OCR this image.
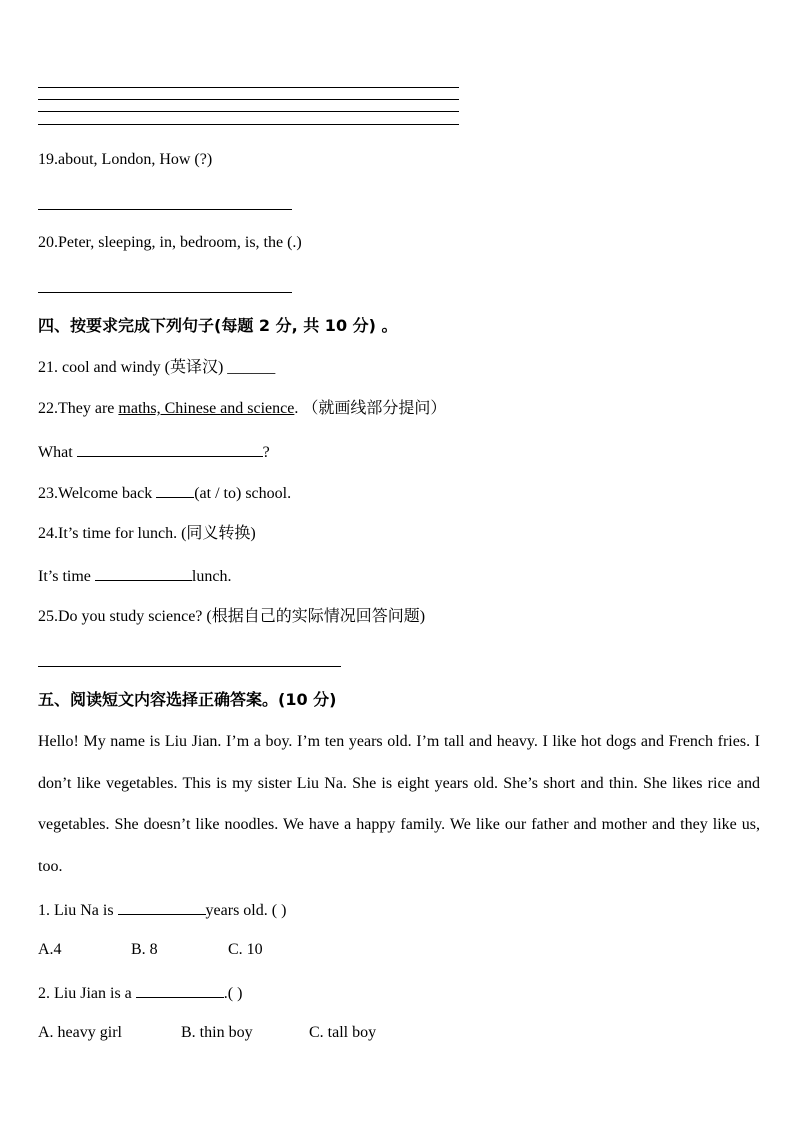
19.about, London, How (?)
20.Peter, sleeping, in, bedroom, is, the (.)
四、按要求完成下列句子(每题 2 分, 共 10 分) 。
21. cool and windy (英译汉) ______
22.They are maths, Chinese and science. （就画线部分提问）
What	?
23.Welcome back (at / to) school.
24.It’s time for lunch. (同义转换)
It’s time	lunch.
25.Do you study science? (根据自己的实际情况回答问题)
五、阅读短文内容选择正确答案。(10 分)
Hello! My name is Liu Jian. I’m a boy. I’m ten years old. I’m tall and heavy. I like hot dogs and French fries. I don’t like vegetables. This is my sister Liu Na. She is eight years old. She’s short and thin. She likes rice and vegetables. She doesn’t like noodles. We have a happy family. We like our father and mother and they like us, too.
1. Liu Na is	years old. ( )
A.4	B. 8	C. 10
2. Liu Jian is a	.( )
A. heavy girl	B. thin boy	C. tall boy
